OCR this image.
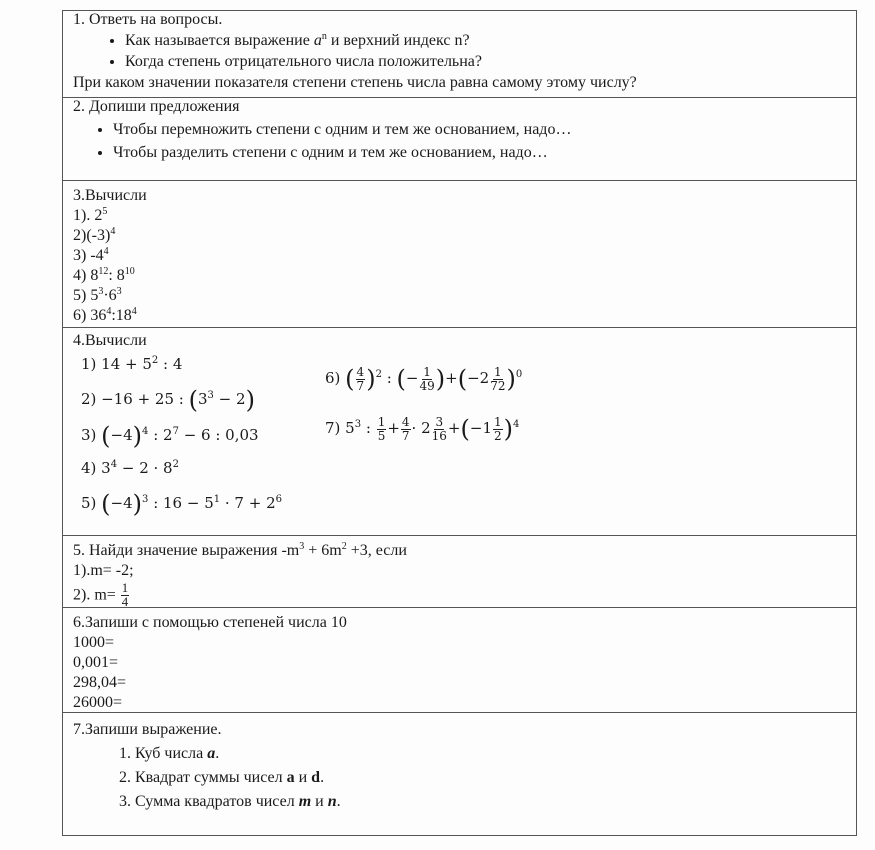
1. Ответь на вопросы.
• Как называется выражение $a^n$ и верхний индекс n?
• Когда степень отрицательного числа положительна?
При каком значении показателя степени степень числа равна самому этому числу?
2. Допиши предложения
• Чтобы перемножить степени с одним и тем же основанием, надо…
• Чтобы разделить степени с одним и тем же основанием, надо…
3.Вычисли
1). $2^5$
$2)(-3)^4$
3) $-4^4$
4) $8^{12}$: $8^{10}$
5) $5^3\cdot 6^3$
6) $36^4:18^4$
4.Вычисли
1) $14 + 5^2$ : 4
2) −16 + 25 : $(3^3 - 2)$
3) $(-4)^4$ : $2^7 - 6$ : 0,03
4) $3^4 - 2 \cdot 8^2$
5) $(-4)^3$ : $16 - 5^1 \cdot 7 + 2^6$
6) ( $\frac{4}{7} )^2$ : (− $\frac{1}{49} )+(-2 \frac{1}{72} )^0$
7) $5^3$ : $\frac{1}{5} + \frac{4}{7} \cdot 2 \frac{3}{16} +(-1 \frac{1}{2} )^4$
5. Найди значение выражения $-m^3 + 6m^2 +3$, если
1).m= -2;
2). $m= \frac{1}{4}$
6.Запиши с помощью степеней числа 10
1000=
0,001=
298,04=
26000=
7.Запиши выражение.
1. Куб числа a.
2. Квадрат суммы чисел a и d.
3. Сумма квадратов чисел m и n.
